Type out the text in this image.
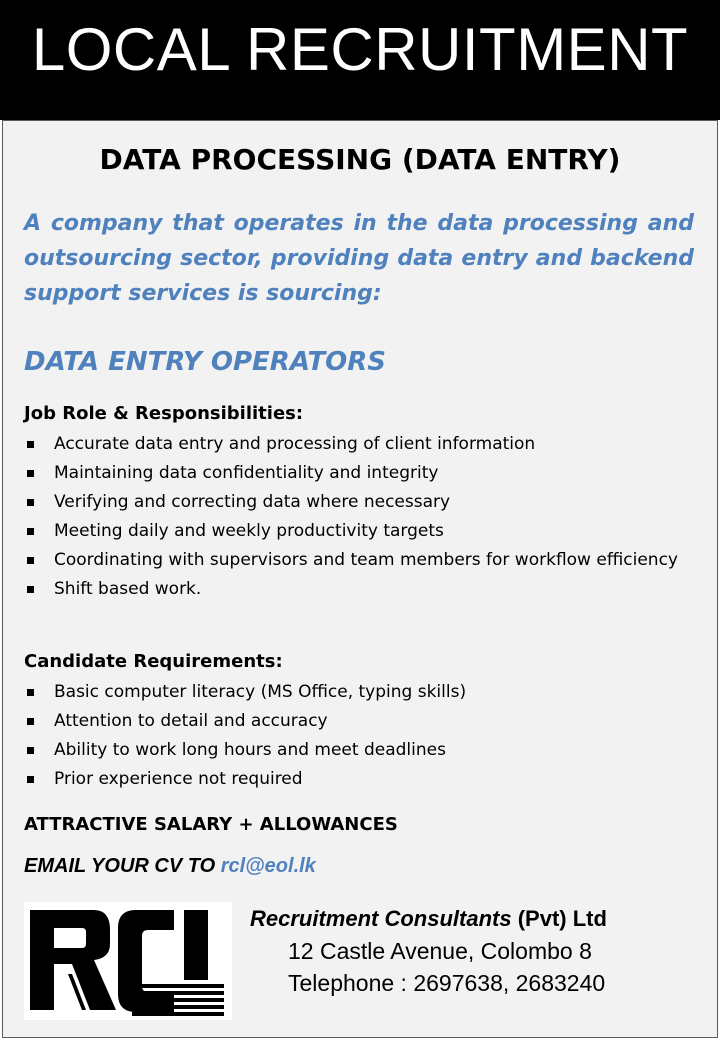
LOCAL RECRUITMENT
DATA PROCESSING (DATA ENTRY)
A company that operates in the data processing and
outsourcing sector, providing data entry and backend
support services is sourcing:
DATA ENTRY OPERATORS
Job Role & Responsibilities:
Accurate data entry and processing of client information
Maintaining data confidentiality and integrity
Verifying and correcting data where necessary
Meeting daily and weekly productivity targets
Coordinating with supervisors and team members for workflow efficiency
Shift based work.
Candidate Requirements:
Basic computer literacy (MS Office, typing skills)
Attention to detail and accuracy
Ability to work long hours and meet deadlines
Prior experience not required
ATTRACTIVE SALARY + ALLOWANCES
EMAIL YOUR CV TO rcl@eol.lk
Recruitment Consultants (Pvt) Ltd
12 Castle Avenue, Colombo 8
Telephone : 2697638, 2683240
